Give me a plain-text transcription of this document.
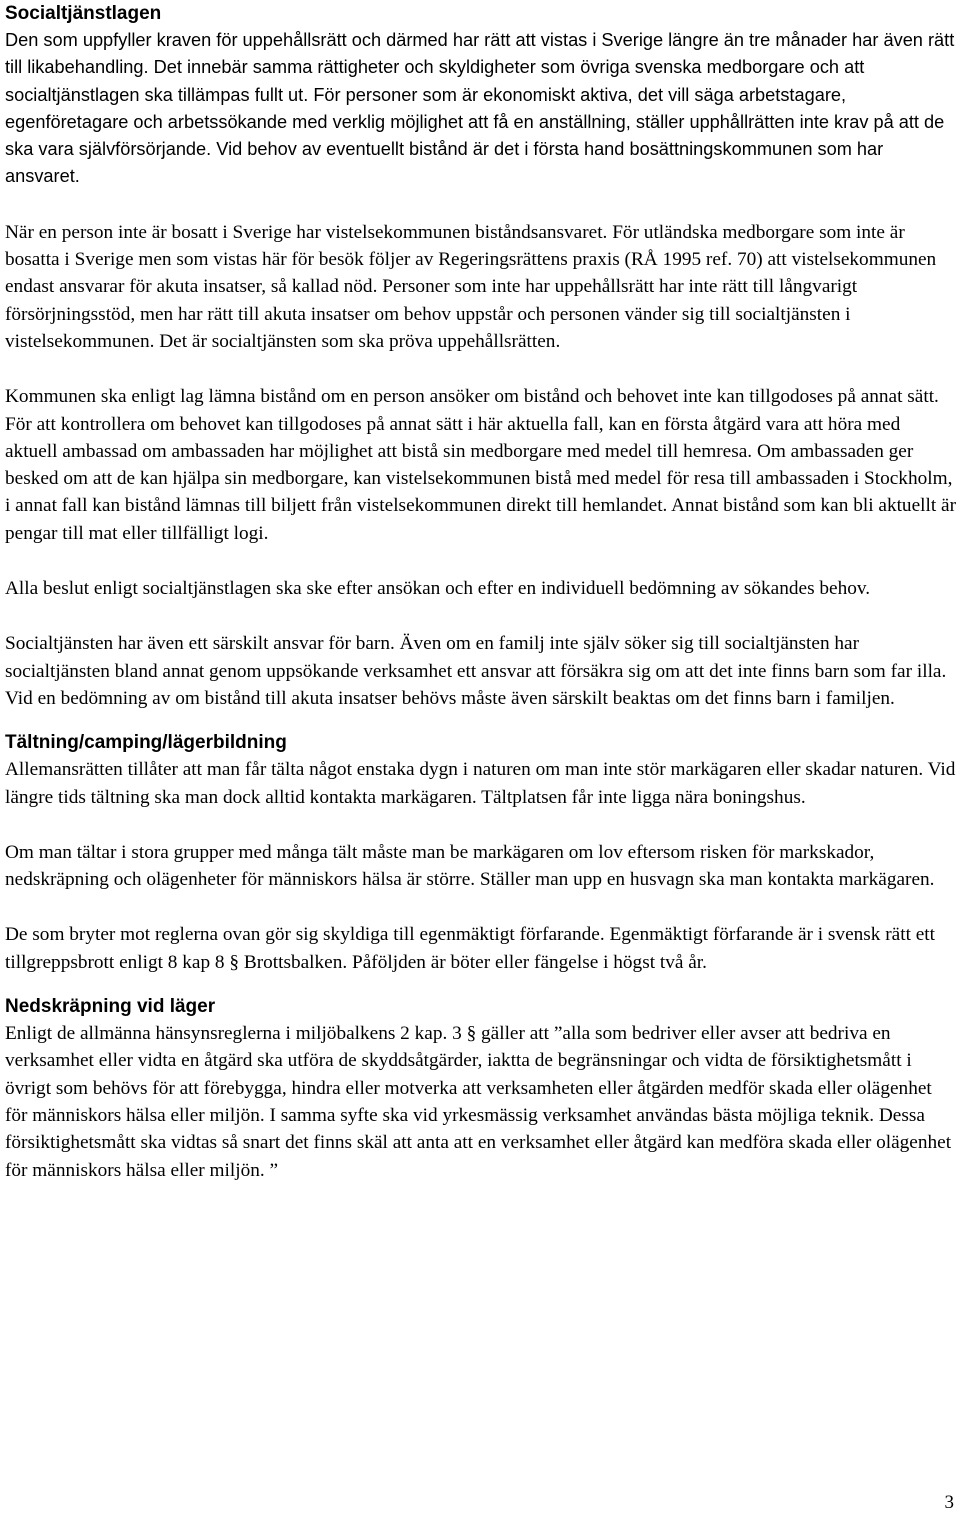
Socialtjänstlagen

Den som uppfyller kraven för uppehållsrätt och därmed har rätt att vistas i Sverige längre än tre månader har även rätt till likabehandling. Det innebär samma rättigheter och skyldigheter som övriga svenska medborgare och att socialtjänstlagen ska tillämpas fullt ut. För personer som är ekonomiskt aktiva, det vill säga arbetstagare, egenföretagare och arbetssökande med verklig möjlighet att få en anställning, ställer upphållrätten inte krav på att de ska vara självförsörjande. Vid behov av eventuellt bistånd är det i första hand bosättningskommunen som har ansvaret.

När en person inte är bosatt i Sverige har vistelsekommunen biståndsansvaret. För utländska medborgare som inte är bosatta i Sverige men som vistas här för besök följer av Regeringsrättens praxis (RÅ 1995 ref. 70) att vistelsekommunen endast ansvarar för akuta insatser, så kallad nöd. Personer som inte har uppehållsrätt har inte rätt till långvarigt försörjningsstöd, men har rätt till akuta insatser om behov uppstår och personen vänder sig till socialtjänsten i vistelsekommunen. Det är socialtjänsten som ska pröva uppehållsrätten.

Kommunen ska enligt lag lämna bistånd om en person ansöker om bistånd och behovet inte kan tillgodoses på annat sätt. För att kontrollera om behovet kan tillgodoses på annat sätt i här aktuella fall, kan en första åtgärd vara att höra med aktuell ambassad om ambassaden har möjlighet att bistå sin medborgare med medel till hemresa. Om ambassaden ger besked om att de kan hjälpa sin medborgare, kan vistelsekommunen bistå med medel för resa till ambassaden i Stockholm, i annat fall kan bistånd lämnas till biljett från vistelsekommunen direkt till hemlandet. Annat bistånd som kan bli aktuellt är pengar till mat eller tillfälligt logi.

Alla beslut enligt socialtjänstlagen ska ske efter ansökan och efter en individuell bedömning av sökandes behov.

Socialtjänsten har även ett särskilt ansvar för barn. Även om en familj inte själv söker sig till socialtjänsten har socialtjänsten bland annat genom uppsökande verksamhet ett ansvar att försäkra sig om att det inte finns barn som far illa. Vid en bedömning av om bistånd till akuta insatser behövs måste även särskilt beaktas om det finns barn i familjen.

Tältning/camping/lägerbildning

Allemansrätten tillåter att man får tälta något enstaka dygn i naturen om man inte stör markägaren eller skadar naturen. Vid längre tids tältning ska man dock alltid kontakta markägaren. Tältplatsen får inte ligga nära boningshus.

Om man tältar i stora grupper med många tält måste man be markägaren om lov eftersom risken för markskador, nedskräpning och olägenheter för människors hälsa är större. Ställer man upp en husvagn ska man kontakta markägaren.

De som bryter mot reglerna ovan gör sig skyldiga till egenmäktigt förfarande. Egenmäktigt förfarande är i svensk rätt ett tillgreppsbrott enligt 8 kap 8 § Brottsbalken. Påföljden är böter eller fängelse i högst två år.

Nedskräpning vid läger

Enligt de allmänna hänsynsreglerna i miljöbalkens 2 kap. 3 § gäller att ”alla som bedriver eller avser att bedriva en verksamhet eller vidta en åtgärd ska utföra de skyddsåtgärder, iaktta de begränsningar och vidta de försiktighetsmått i övrigt som behövs för att förebygga, hindra eller motverka att verksamheten eller åtgärden medför skada eller olägenhet för människors hälsa eller miljön. I samma syfte ska vid yrkesmässig verksamhet användas bästa möjliga teknik. Dessa försiktighetsmått ska vidtas så snart det finns skäl att anta att en verksamhet eller åtgärd kan medföra skada eller olägenhet för människors hälsa eller miljön. ”

3
